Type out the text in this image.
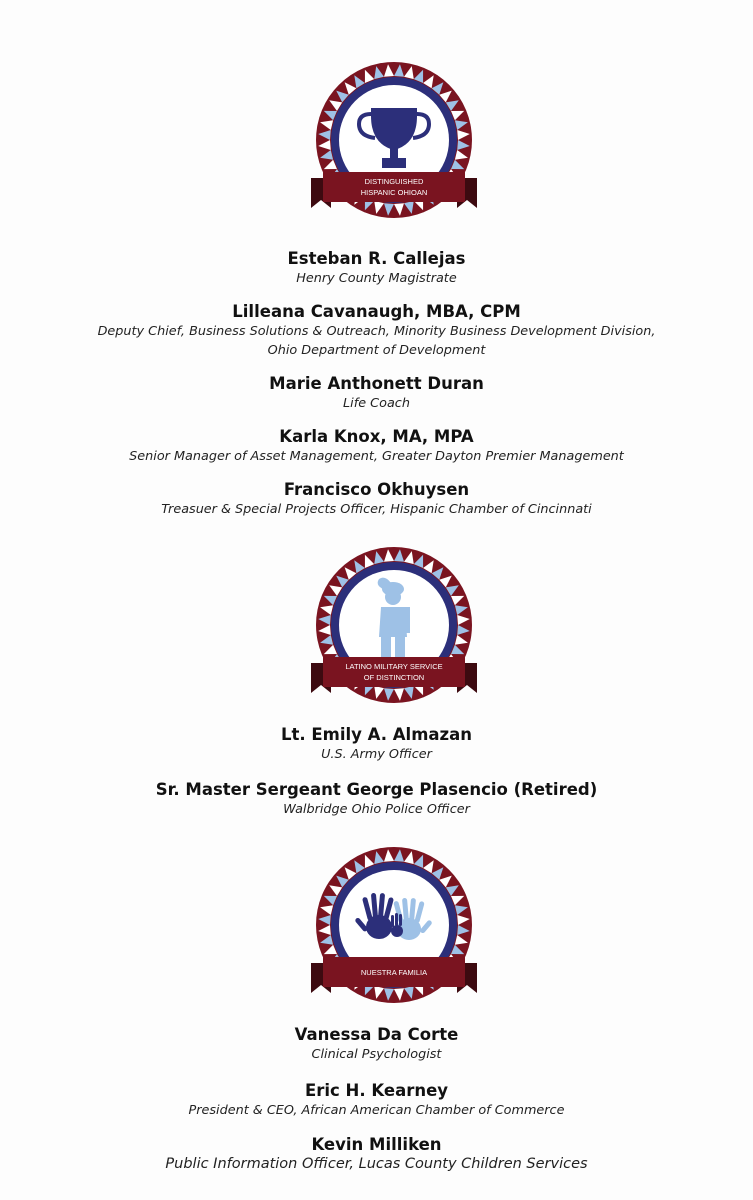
DISTINGUISHED
HISPANIC OHIOAN
Esteban R. Callejas
Henry County Magistrate
Lilleana Cavanaugh, MBA, CPM
Deputy Chief, Business Solutions & Outreach, Minority Business Development Division,
Ohio Department of Development
Marie Anthonett Duran
Life Coach
Karla Knox, MA, MPA
Senior Manager of Asset Management, Greater Dayton Premier Management
Francisco Okhuysen
Treasuer & Special Projects Officer, Hispanic Chamber of Cincinnati
LATINO MILITARY SERVICE
OF DISTINCTION
Lt. Emily A. Almazan
U.S. Army Officer
Sr. Master Sergeant George Plasencio (Retired)
Walbridge Ohio Police Officer
NUESTRA FAMILIA
Vanessa Da Corte
Clinical Psychologist
Eric H. Kearney
President & CEO, African American Chamber of Commerce
Kevin Milliken
Public Information Officer, Lucas County Children Services
